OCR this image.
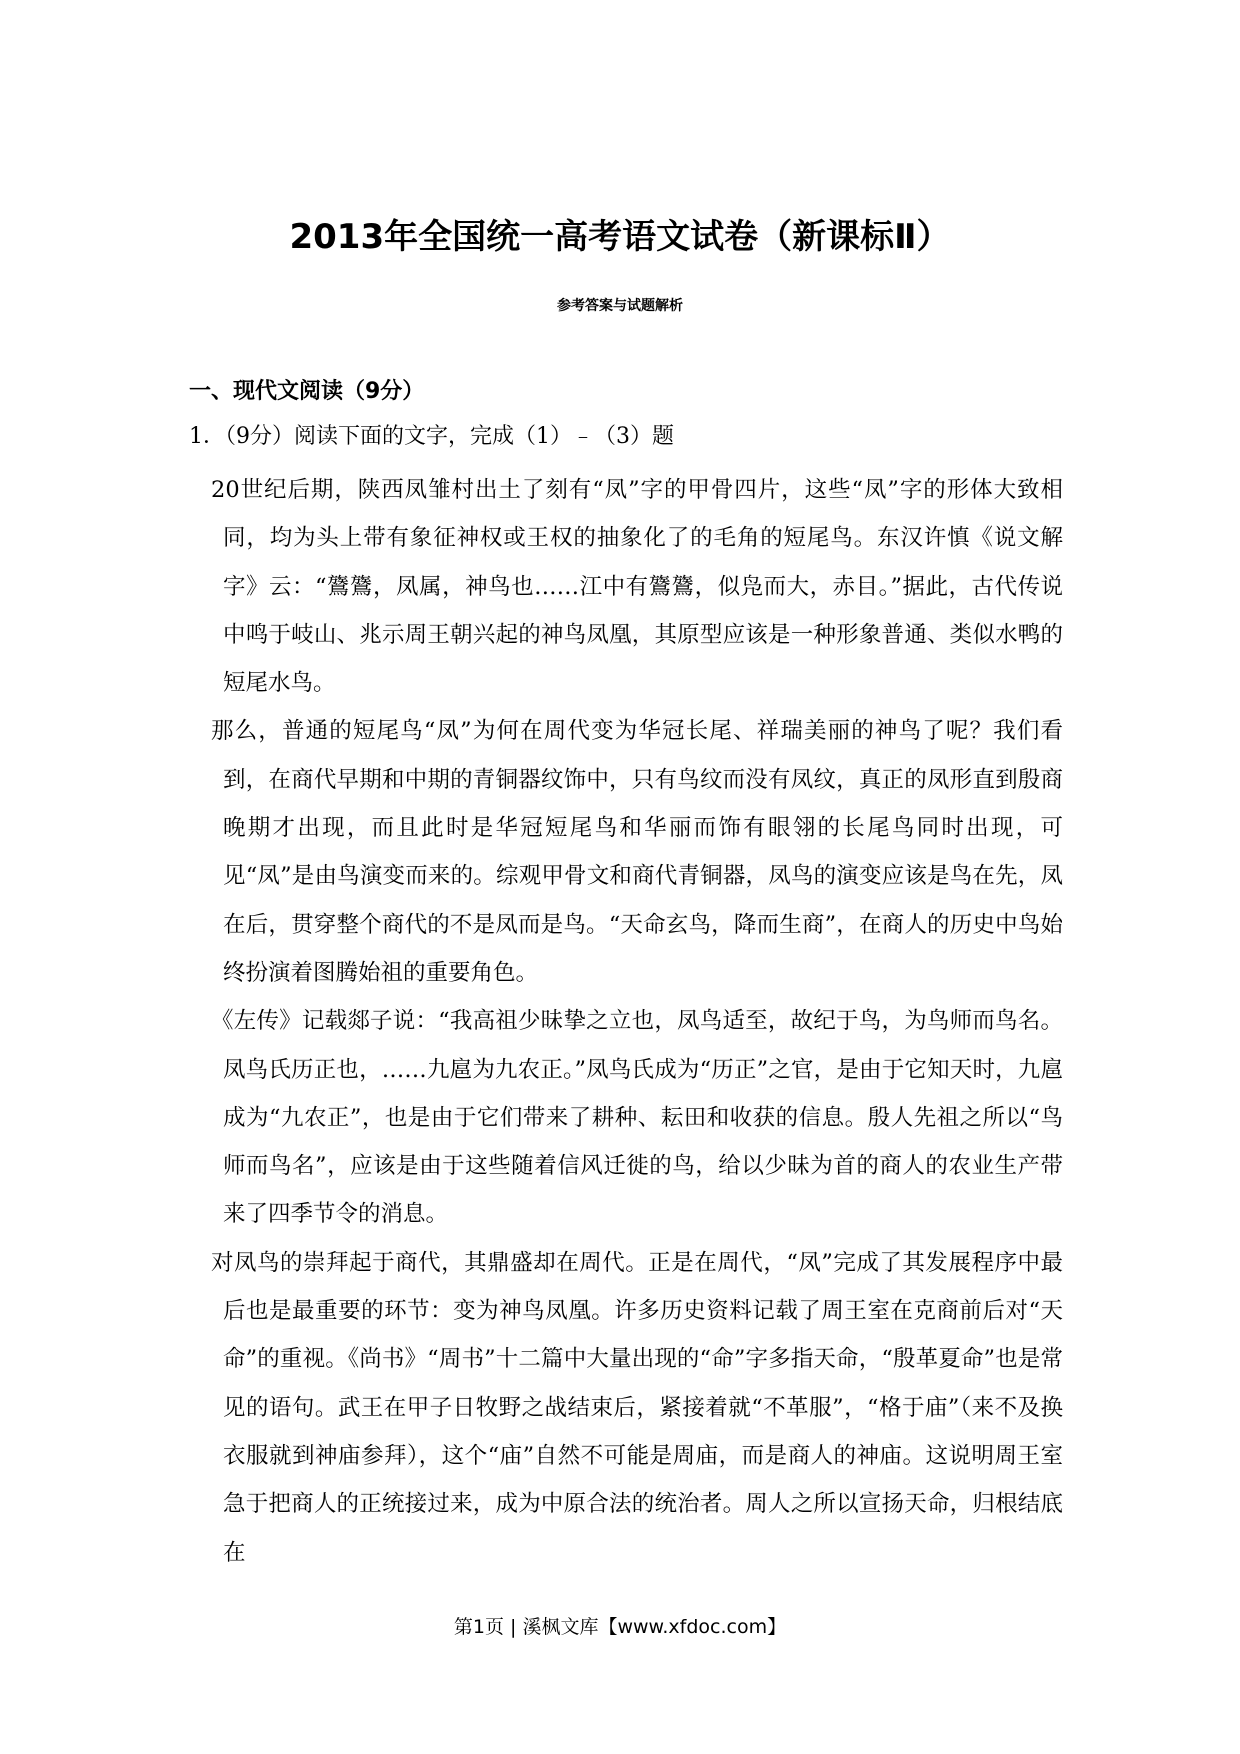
2013年全国统一高考语文试卷（新课标Ⅱ）
参考答案与试题解析
一、现代文阅读（9分）

1．（9分）阅读下面的文字，完成（1）﹣（3）题

20世纪后期，陕西凤雏村出土了刻有“凤”字的甲骨四片，这些“凤”字的形体大致相同，均为头上带有象征神权或王权的抽象化了的毛角的短尾鸟。东汉许慎《说文解字》云：“鷟鷟，凤属，神鸟也……江中有鷟鷟，似凫而大，赤目。”据此，古代传说中鸣于岐山、兆示周王朝兴起的神鸟凤凰，其原型应该是一种形象普通、类似水鸭的短尾水鸟。

那么，普通的短尾鸟“凤”为何在周代变为华冠长尾、祥瑞美丽的神鸟了呢？我们看到，在商代早期和中期的青铜器纹饰中，只有鸟纹而没有凤纹，真正的凤形直到殷商晚期才出现，而且此时是华冠短尾鸟和华丽而饰有眼翎的长尾鸟同时出现，可见“凤”是由鸟演变而来的。综观甲骨文和商代青铜器，凤鸟的演变应该是鸟在先，凤在后，贯穿整个商代的不是凤而是鸟。“天命玄鸟，降而生商”，在商人的历史中鸟始终扮演着图腾始祖的重要角色。

《左传》记载郯子说：“我高祖少昧挚之立也，凤鸟适至，故纪于鸟，为鸟师而鸟名。凤鸟氏历正也，……九扈为九农正。”凤鸟氏成为“历正”之官，是由于它知天时，九扈成为“九农正”，也是由于它们带来了耕种、耘田和收获的信息。殷人先祖之所以“鸟师而鸟名”，应该是由于这些随着信风迁徙的鸟，给以少昧为首的商人的农业生产带来了四季节令的消息。

对凤鸟的崇拜起于商代，其鼎盛却在周代。正是在周代，“凤”完成了其发展程序中最后也是最重要的环节：变为神鸟凤凰。许多历史资料记载了周王室在克商前后对“天命”的重视。《尚书》“周书”十二篇中大量出现的“命”字多指天命，“殷革夏命”也是常见的语句。武王在甲子日牧野之战结束后，紧接着就“不革服”，“格于庙”（来不及换衣服就到神庙参拜），这个“庙”自然不可能是周庙，而是商人的神庙。这说明周王室急于把商人的正统接过来，成为中原合法的统治者。周人之所以宣扬天命，归根结底在

第1页 | 溪枫文库【www.xfdoc.com】
